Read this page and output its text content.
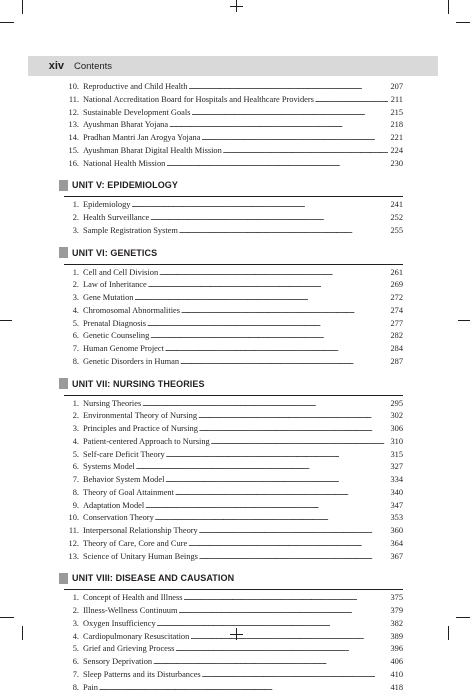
xiv	Contents
10. Reproductive and Child Health . . .	207
11. National Accreditation Board for Hospitals and Healthcare Providers . . .	211
12. Sustainable Development Goals . . .	215
13. Ayushman Bharat Yojana . . .	218
14. Pradhan Mantri Jan Arogya Yojana . . .	221
15. Ayushman Bharat Digital Health Mission . . .	224
16. National Health Mission . . .	230
UNIT V: EPIDEMIOLOGY
1. Epidemiology . . .	241
2. Health Surveillance . . .	252
3. Sample Registration System . . .	255
UNIT VI: GENETICS
1. Cell and Cell Division . . .	261
2. Law of Inheritance . . .	269
3. Gene Mutation . . .	272
4. Chromosomal Abnormalities . . .	274
5. Prenatal Diagnosis . . .	277
6. Genetic Counseling . . .	282
7. Human Genome Project . . .	284
8. Genetic Disorders in Human . . .	287
UNIT VII: NURSING THEORIES
1. Nursing Theories . . .	295
2. Environmental Theory of Nursing . . .	302
3. Principles and Practice of Nursing . . .	306
4. Patient-centered Approach to Nursing . . .	310
5. Self-care Deficit Theory . . .	315
6. Systems Model . . .	327
7. Behavior System Model . . .	334
8. Theory of Goal Attainment . . .	340
9. Adaptation Model . . .	347
10. Conservation Theory . . .	353
11. Interpersonal Relationship Theory . . .	360
12. Theory of Care, Core and Cure . . .	364
13. Science of Unitary Human Beings . . .	367
UNIT VIII: DISEASE AND CAUSATION
1. Concept of Health and Illness . . .	375
2. Illness-Wellness Continuum . . .	379
3. Oxygen Insufficiency . . .	382
4. Cardiopulmonary Resuscitation . . .	389
5. Grief and Grieving Process . . .	396
6. Sensory Deprivation . . .	406
7. Sleep Patterns and its Disturbances . . .	410
8. Pain . . .	418
